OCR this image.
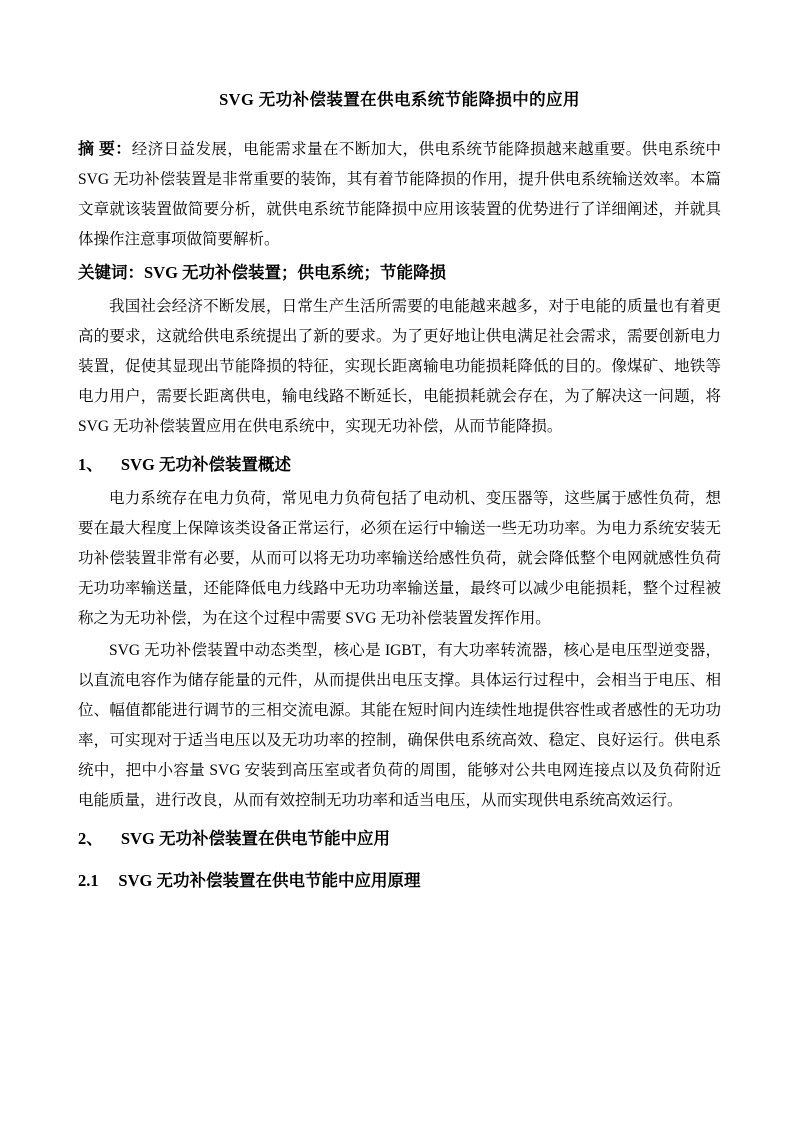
SVG 无功补偿装置在供电系统节能降损中的应用

摘 要：经济日益发展，电能需求量在不断加大，供电系统节能降损越来越重要。供电系统中 SVG 无功补偿装置是非常重要的装饰，其有着节能降损的作用，提升供电系统输送效率。本篇文章就该装置做简要分析，就供电系统节能降损中应用该装置的优势进行了详细阐述，并就具体操作注意事项做简要解析。

关键词：SVG 无功补偿装置；供电系统；节能降损

我国社会经济不断发展，日常生产生活所需要的电能越来越多，对于电能的质量也有着更高的要求，这就给供电系统提出了新的要求。为了更好地让供电满足社会需求，需要创新电力装置，促使其显现出节能降损的特征，实现长距离输电功能损耗降低的目的。像煤矿、地铁等电力用户，需要长距离供电，输电线路不断延长，电能损耗就会存在，为了解决这一问题，将 SVG 无功补偿装置应用在供电系统中，实现无功补偿，从而节能降损。

1、 SVG 无功补偿装置概述

电力系统存在电力负荷，常见电力负荷包括了电动机、变压器等，这些属于感性负荷，想要在最大程度上保障该类设备正常运行，必须在运行中输送一些无功功率。为电力系统安装无功补偿装置非常有必要，从而可以将无功功率输送给感性负荷，就会降低整个电网就感性负荷无功功率输送量，还能降低电力线路中无功功率输送量，最终可以减少电能损耗，整个过程被称之为无功补偿，为在这个过程中需要 SVG 无功补偿装置发挥作用。

SVG 无功补偿装置中动态类型，核心是 IGBT，有大功率转流器，核心是电压型逆变器，以直流电容作为储存能量的元件，从而提供出电压支撑。具体运行过程中，会相当于电压、相位、幅值都能进行调节的三相交流电源。其能在短时间内连续性地提供容性或者感性的无功功率，可实现对于适当电压以及无功功率的控制，确保供电系统高效、稳定、良好运行。供电系统中，把中小容量 SVG 安装到高压室或者负荷的周围，能够对公共电网连接点以及负荷附近电能质量，进行改良，从而有效控制无功功率和适当电压，从而实现供电系统高效运行。

2、 SVG 无功补偿装置在供电节能中应用
2.1 SVG 无功补偿装置在供电节能中应用原理
